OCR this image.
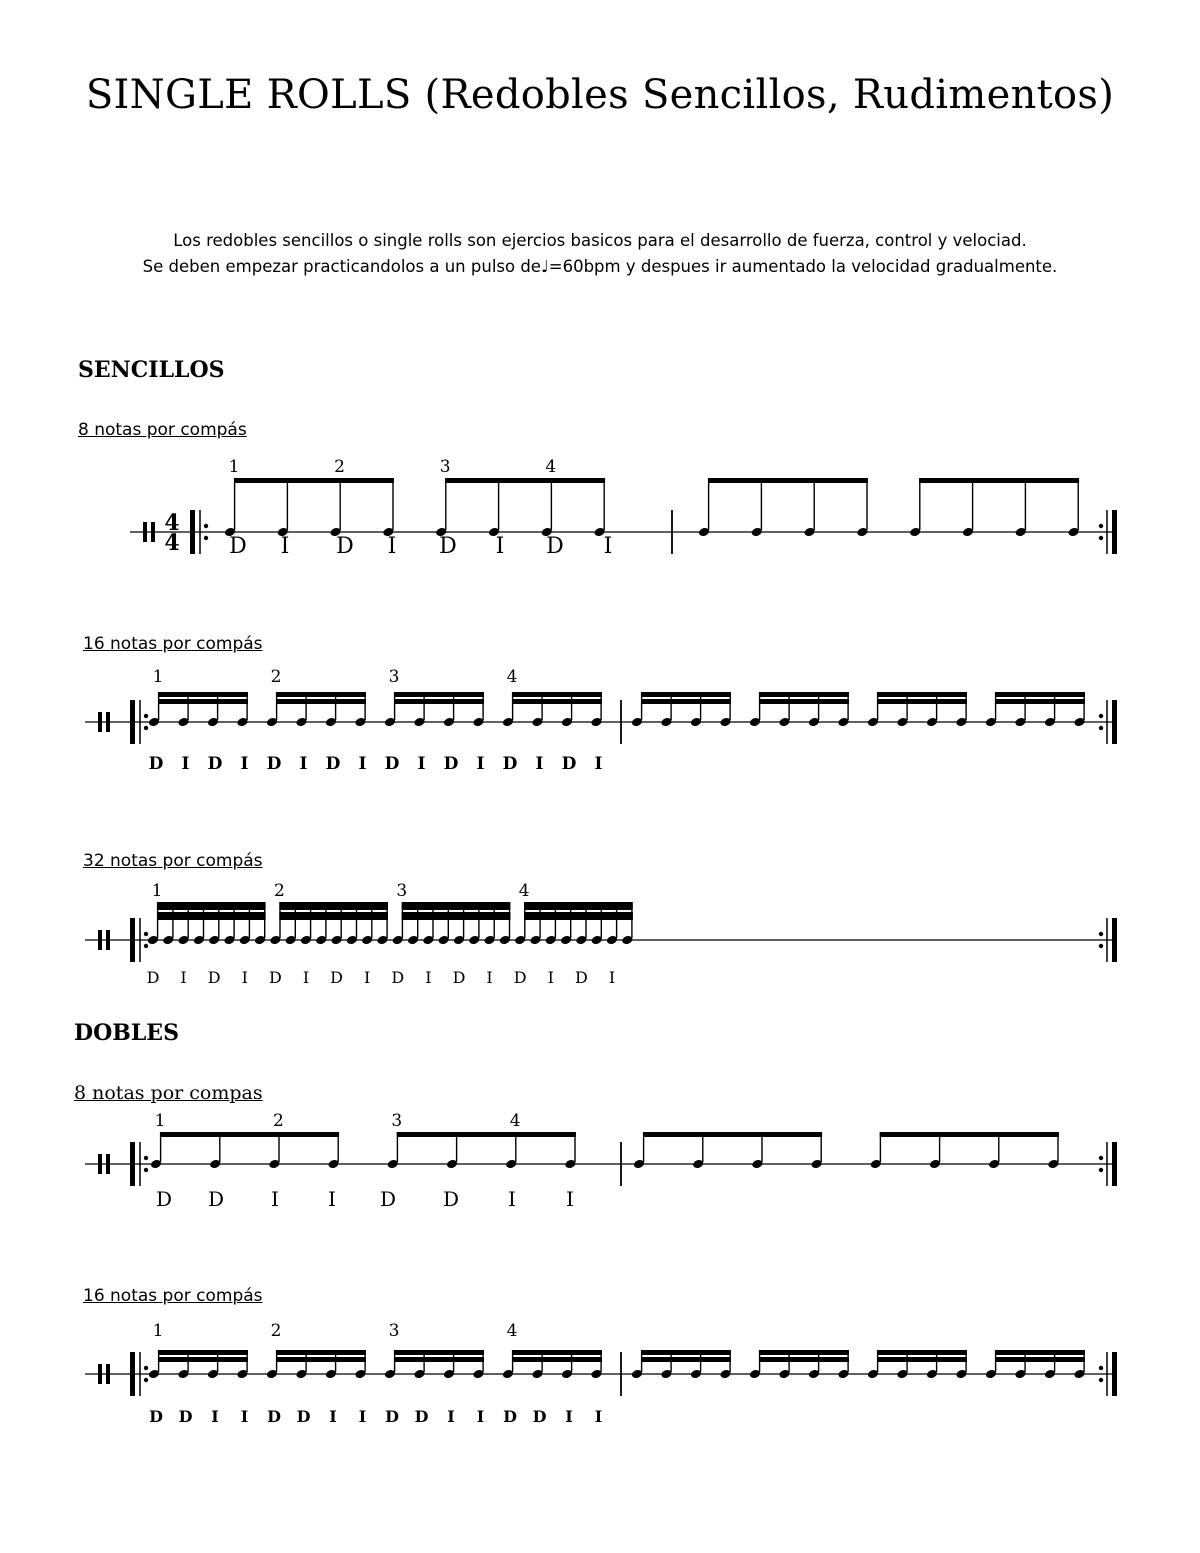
SINGLE ROLLS (Redobles Sencillos, Rudimentos)
Los redobles sencillos o single rolls son ejercios basicos para el desarrollo de fuerza, control y velociad.
Se deben empezar practicandolos a un pulso de♩=60bpm y despues ir aumentado la velocidad gradualmente.
SENCILLOS
8 notas por compás
4
4
1	2	3	4
D I D I D I D I
16 notas por compás
1	2	3	4
D I D I D I D I D I D I D I D I
32 notas por compás
1	2	3	4
D I D I D I D I D I D I D I D I
DOBLES
8 notas por compas
1	2	3	4
D D I I D D I	I
16 notas por compás
1	2	3	4
D D I I D D I I D D I I D D I I
